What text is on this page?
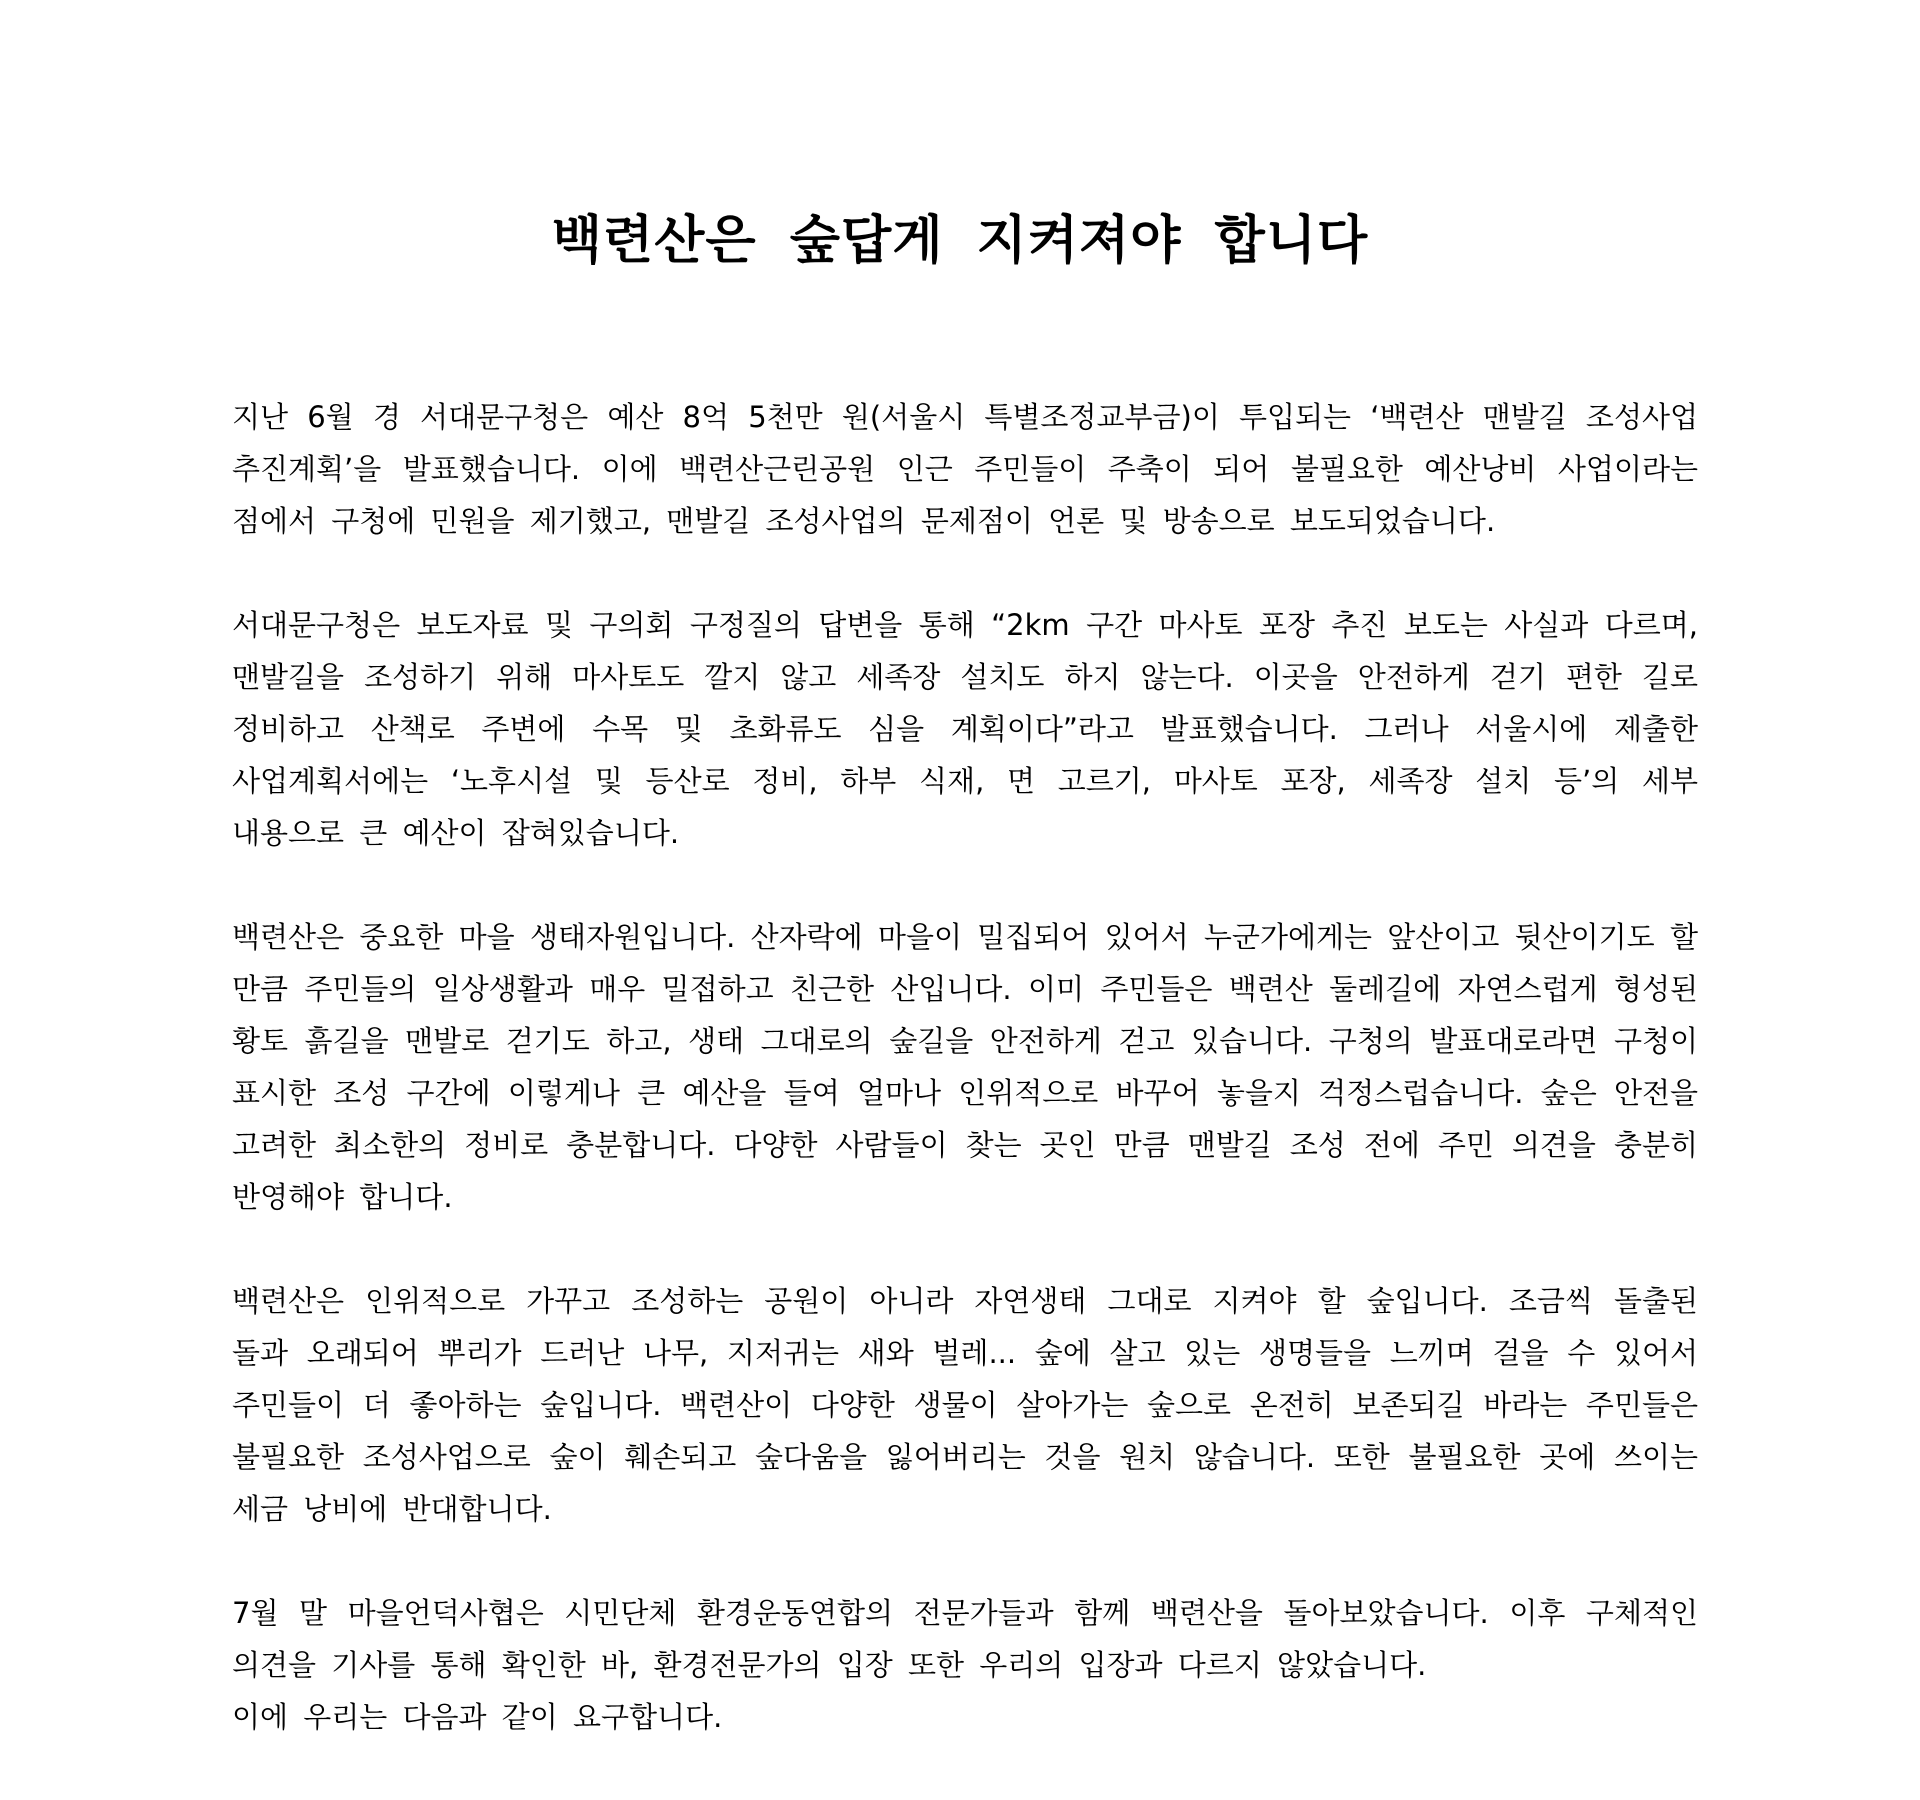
백련산은 숲답게 지켜져야 합니다

지난 6월 경 서대문구청은 예산 8억 5천만 원(서울시 특별조정교부금)이 투입되는 ‘백련산 맨발길 조성사업 추진계획’을 발표했습니다. 이에 백련산근린공원 인근 주민들이 주축이 되어 불필요한 예산낭비 사업이라는 점에서 구청에 민원을 제기했고, 맨발길 조성사업의 문제점이 언론 및 방송으로 보도되었습니다.

서대문구청은 보도자료 및 구의회 구정질의 답변을 통해 “2km 구간 마사토 포장 추진 보도는 사실과 다르며, 맨발길을 조성하기 위해 마사토도 깔지 않고 세족장 설치도 하지 않는다. 이곳을 안전하게 걷기 편한 길로 정비하고 산책로 주변에 수목 및 초화류도 심을 계획이다”라고 발표했습니다. 그러나 서울시에 제출한 사업계획서에는 ‘노후시설 및 등산로 정비, 하부 식재, 면 고르기, 마사토 포장, 세족장 설치 등’의 세부 내용으로 큰 예산이 잡혀있습니다.

백련산은 중요한 마을 생태자원입니다. 산자락에 마을이 밀집되어 있어서 누군가에게는 앞산이고 뒷산이기도 할 만큼 주민들의 일상생활과 매우 밀접하고 친근한 산입니다. 이미 주민들은 백련산 둘레길에 자연스럽게 형성된 황토 흙길을 맨발로 걷기도 하고, 생태 그대로의 숲길을 안전하게 걷고 있습니다. 구청의 발표대로라면 구청이 표시한 조성 구간에 이렇게나 큰 예산을 들여 얼마나 인위적으로 바꾸어 놓을지 걱정스럽습니다. 숲은 안전을 고려한 최소한의 정비로 충분합니다. 다양한 사람들이 찾는 곳인 만큼 맨발길 조성 전에 주민 의견을 충분히 반영해야 합니다.

백련산은 인위적으로 가꾸고 조성하는 공원이 아니라 자연생태 그대로 지켜야 할 숲입니다. 조금씩 돌출된 돌과 오래되어 뿌리가 드러난 나무, 지저귀는 새와 벌레... 숲에 살고 있는 생명들을 느끼며 걸을 수 있어서 주민들이 더 좋아하는 숲입니다. 백련산이 다양한 생물이 살아가는 숲으로 온전히 보존되길 바라는 주민들은 불필요한 조성사업으로 숲이 훼손되고 숲다움을 잃어버리는 것을 원치 않습니다. 또한 불필요한 곳에 쓰이는 세금 낭비에 반대합니다.

7월 말 마을언덕사협은 시민단체 환경운동연합의 전문가들과 함께 백련산을 돌아보았습니다. 이후 구체적인 의견을 기사를 통해 확인한 바, 환경전문가의 입장 또한 우리의 입장과 다르지 않았습니다.

이에 우리는 다음과 같이 요구합니다.
